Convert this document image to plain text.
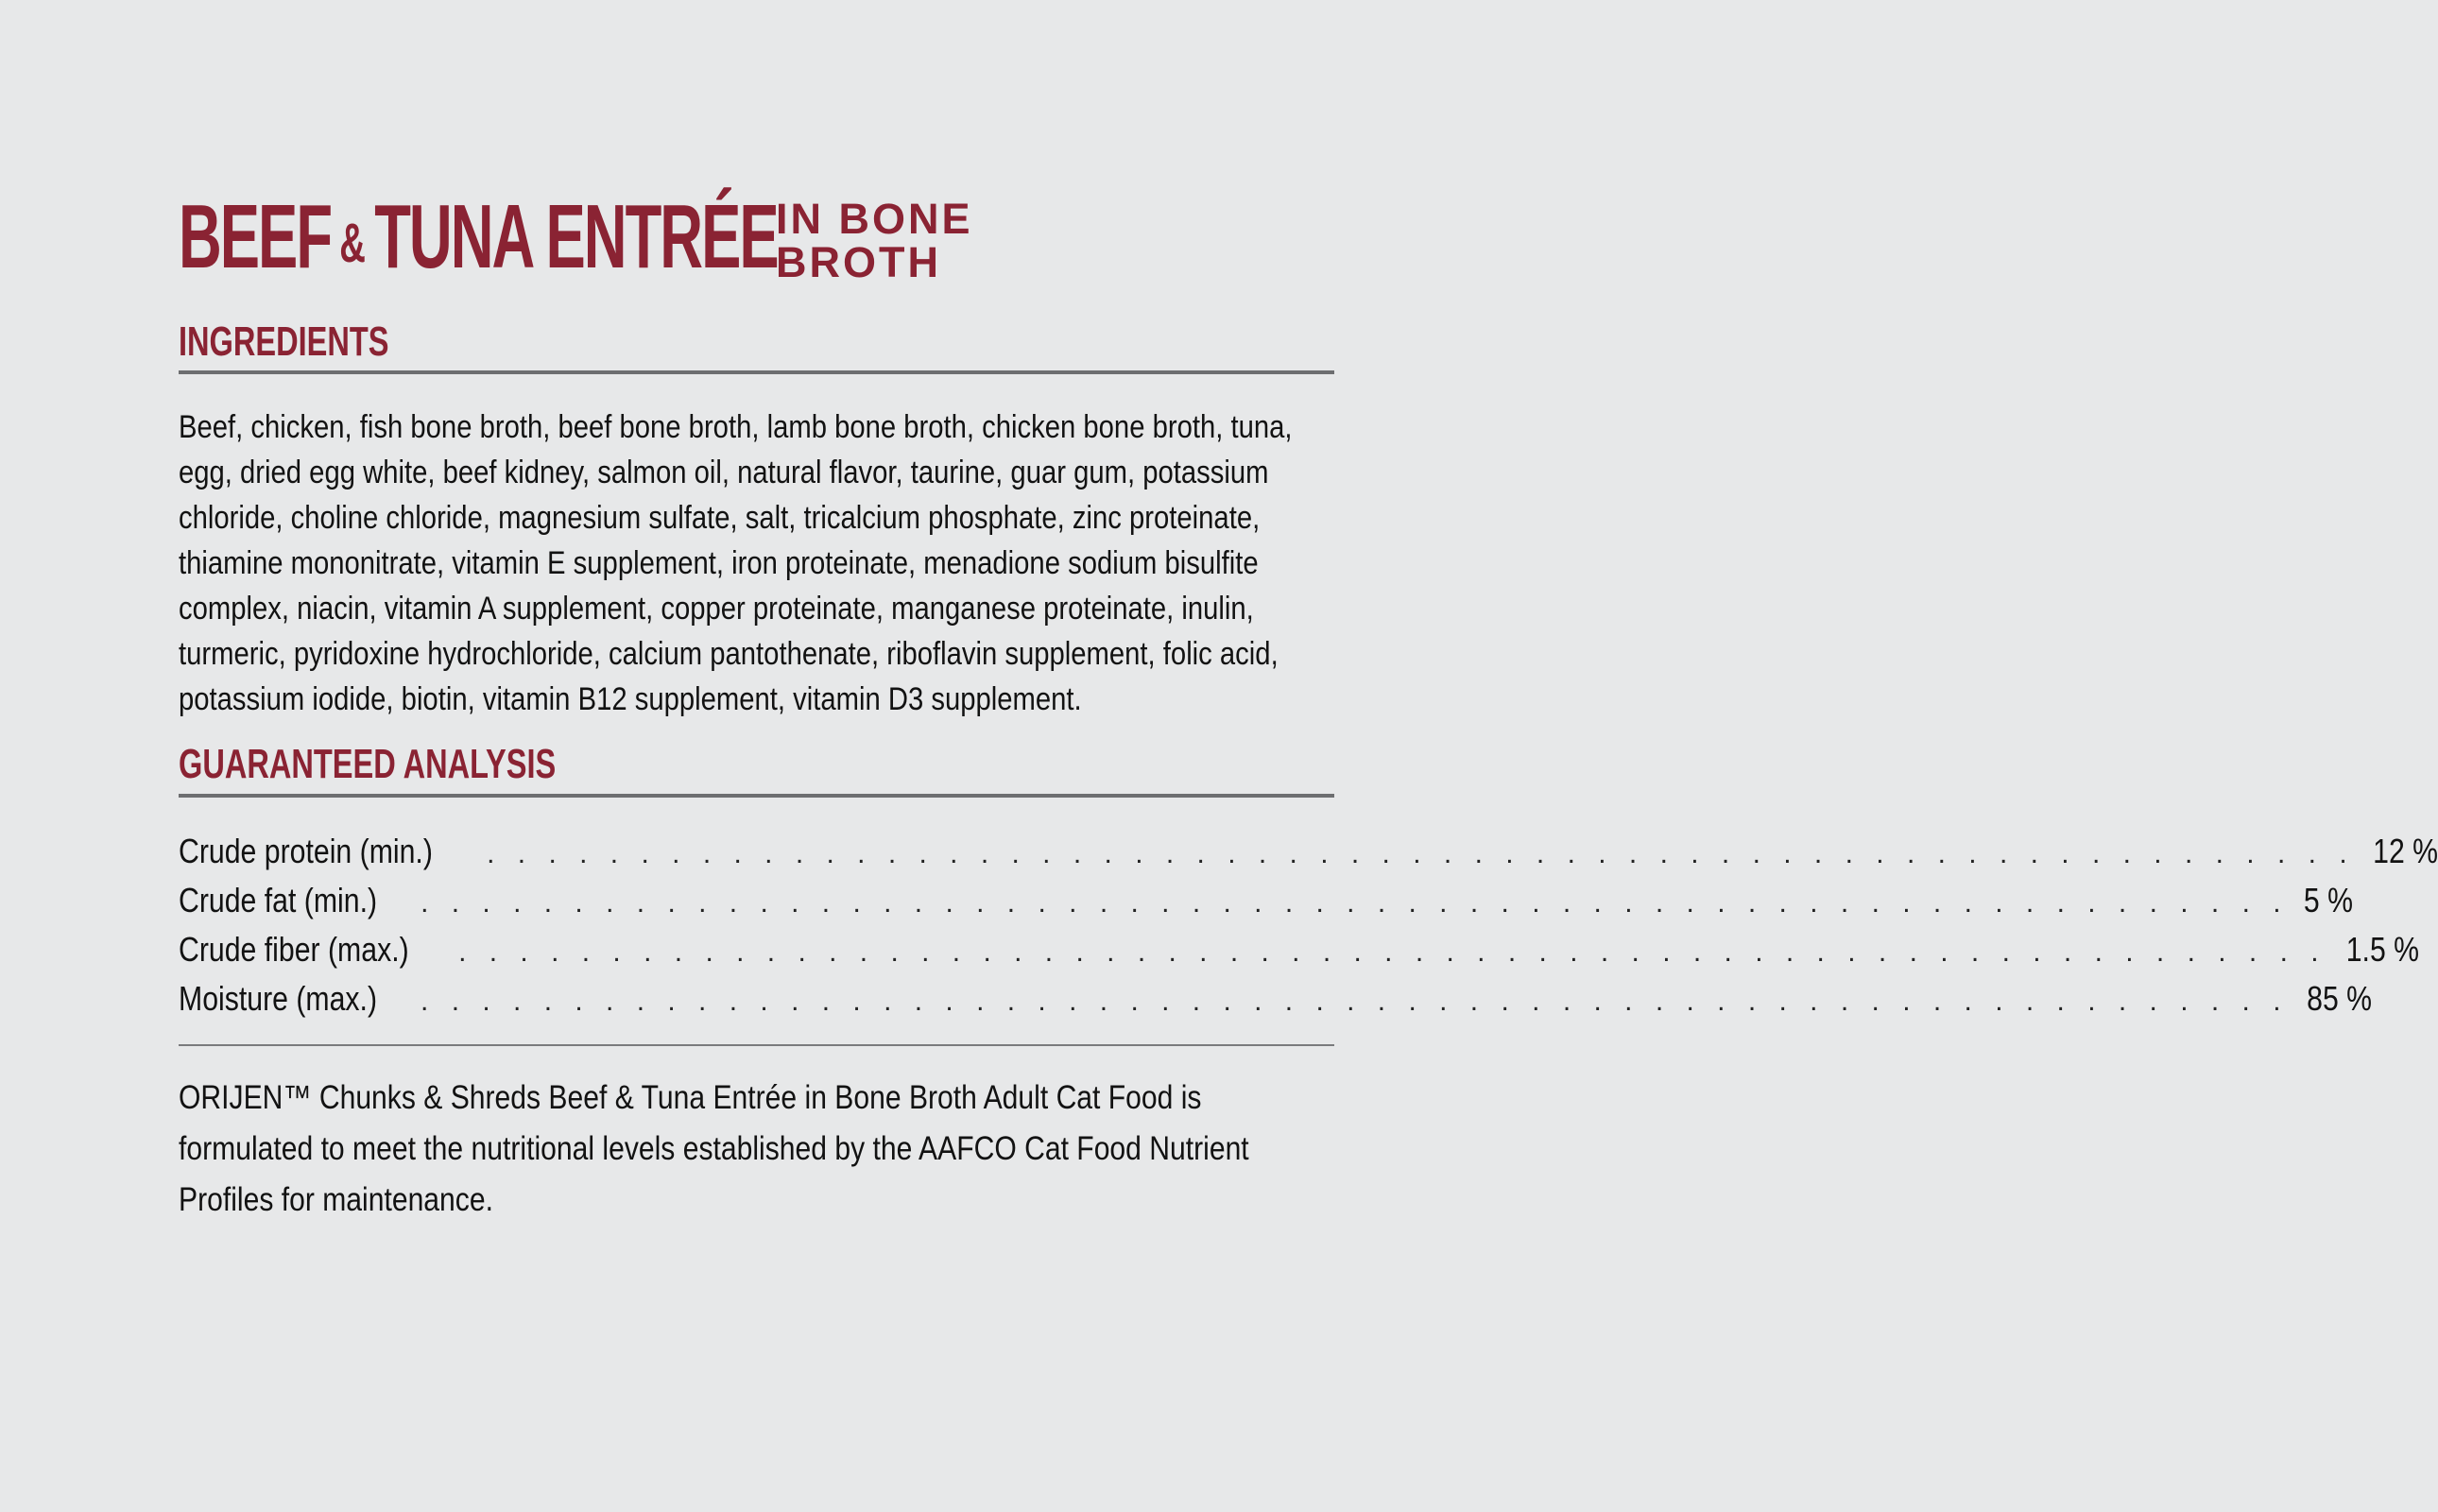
BEEF &TUNA ENTRÉE
IN BONE
BROTH
INGREDIENTS
Beef, chicken, fish bone broth, beef bone broth, lamb bone broth, chicken bone broth, tuna, egg, dried egg white, beef kidney, salmon oil, natural flavor, taurine, guar gum, potassium chloride, choline chloride, magnesium sulfate, salt, tricalcium phosphate, zinc proteinate, thiamine mononitrate, vitamin E supplement, iron proteinate, menadione sodium bisulfite complex, niacin, vitamin A supplement, copper proteinate, manganese proteinate, inulin, turmeric, pyridoxine hydrochloride, calcium pantothenate, riboflavin supplement, folic acid, potassium iodide, biotin, vitamin B12 supplement, vitamin D3 supplement.
GUARANTEED ANALYSIS
Crude protein (min.) . . . . . . . . . . . . . . . . . . . . . . . . . . . . . . . . . . . . . . . . . . . . . . . . . . . . . . . . . . . . . 12 %
Crude fat (min.) . . . . . . . . . . . . . . . . . . . . . . . . . . . . . . . . . . . . . . . . . . . . . . . . . . . . . . . . . . . . . 5 %
Crude fiber (max.) . . . . . . . . . . . . . . . . . . . . . . . . . . . . . . . . . . . . . . . . . . . . . . . . . . . . . . . . . . . . . 1.5 %
Moisture (max.) . . . . . . . . . . . . . . . . . . . . . . . . . . . . . . . . . . . . . . . . . . . . . . . . . . . . . . . . . . . . . 85 %
ORIJEN™ Chunks & Shreds Beef & Tuna Entrée in Bone Broth Adult Cat Food is formulated to meet the nutritional levels established by the AAFCO Cat Food Nutrient Profiles for maintenance.
